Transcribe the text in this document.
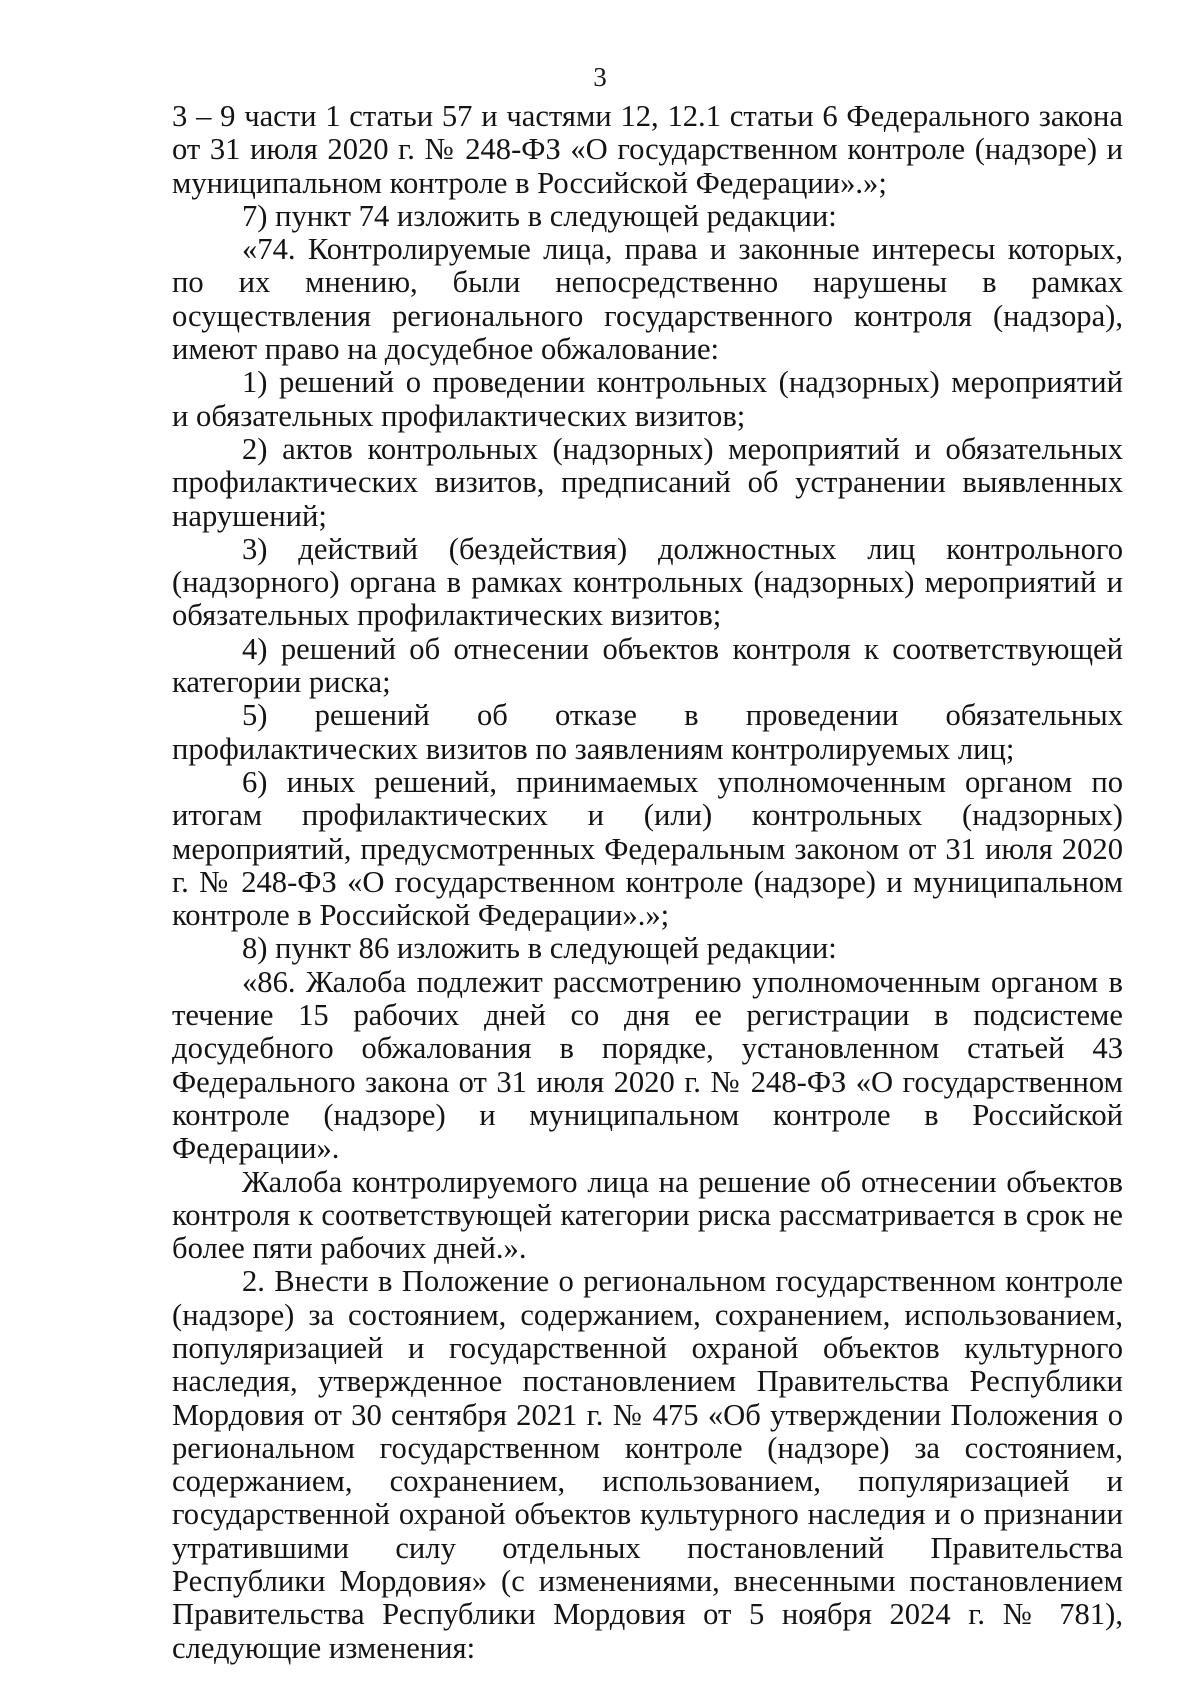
3

3 – 9 части 1 статьи 57 и частями 12, 12.1 статьи 6 Федерального закона от 31 июля 2020 г. № 248-ФЗ «О государственном контроле (надзоре) и муниципальном контроле в Российской Федерации».»;

7) пункт 74 изложить в следующей редакции:

«74. Контролируемые лица, права и законные интересы которых, по их мнению, были непосредственно нарушены в рамках осуществления регионального государственного контроля (надзора), имеют право на досудебное обжалование:

1) решений о проведении контрольных (надзорных) мероприятий и обязательных профилактических визитов;

2) актов контрольных (надзорных) мероприятий и обязательных профилактических визитов, предписаний об устранении выявленных нарушений;

3) действий (бездействия) должностных лиц контрольного (надзорного) органа в рамках контрольных (надзорных) мероприятий и обязательных профилактических визитов;

4) решений об отнесении объектов контроля к соответствующей категории риска;

5) решений об отказе в проведении обязательных профилактических визитов по заявлениям контролируемых лиц;

6) иных решений, принимаемых уполномоченным органом по итогам профилактических и (или) контрольных (надзорных) мероприятий, предусмотренных Федеральным законом от 31 июля 2020 г. № 248-ФЗ «О государственном контроле (надзоре) и муниципальном контроле в Российской Федерации».»;

8) пункт 86 изложить в следующей редакции:

«86. Жалоба подлежит рассмотрению уполномоченным органом в течение 15 рабочих дней со дня ее регистрации в подсистеме досудебного обжалования в порядке, установленном статьей 43 Федерального закона от 31 июля 2020 г. № 248-ФЗ «О государственном контроле (надзоре) и муниципальном контроле в Российской Федерации».

Жалоба контролируемого лица на решение об отнесении объектов контроля к соответствующей категории риска рассматривается в срок не более пяти рабочих дней.».

2. Внести в Положение о региональном государственном контроле (надзоре) за состоянием, содержанием, сохранением, использованием, популяризацией и государственной охраной объектов культурного наследия, утвержденное постановлением Правительства Республики Мордовия от 30 сентября 2021 г. № 475 «Об утверждении Положения о региональном государственном контроле (надзоре) за состоянием, содержанием, сохранением, использованием, популяризацией и государственной охраной объектов культурного наследия и о признании утратившими силу отдельных постановлений Правительства Республики Мордовия» (с изменениями, внесенными постановлением Правительства Республики Мордовия от 5 ноября 2024 г. № 781), следующие изменения:
